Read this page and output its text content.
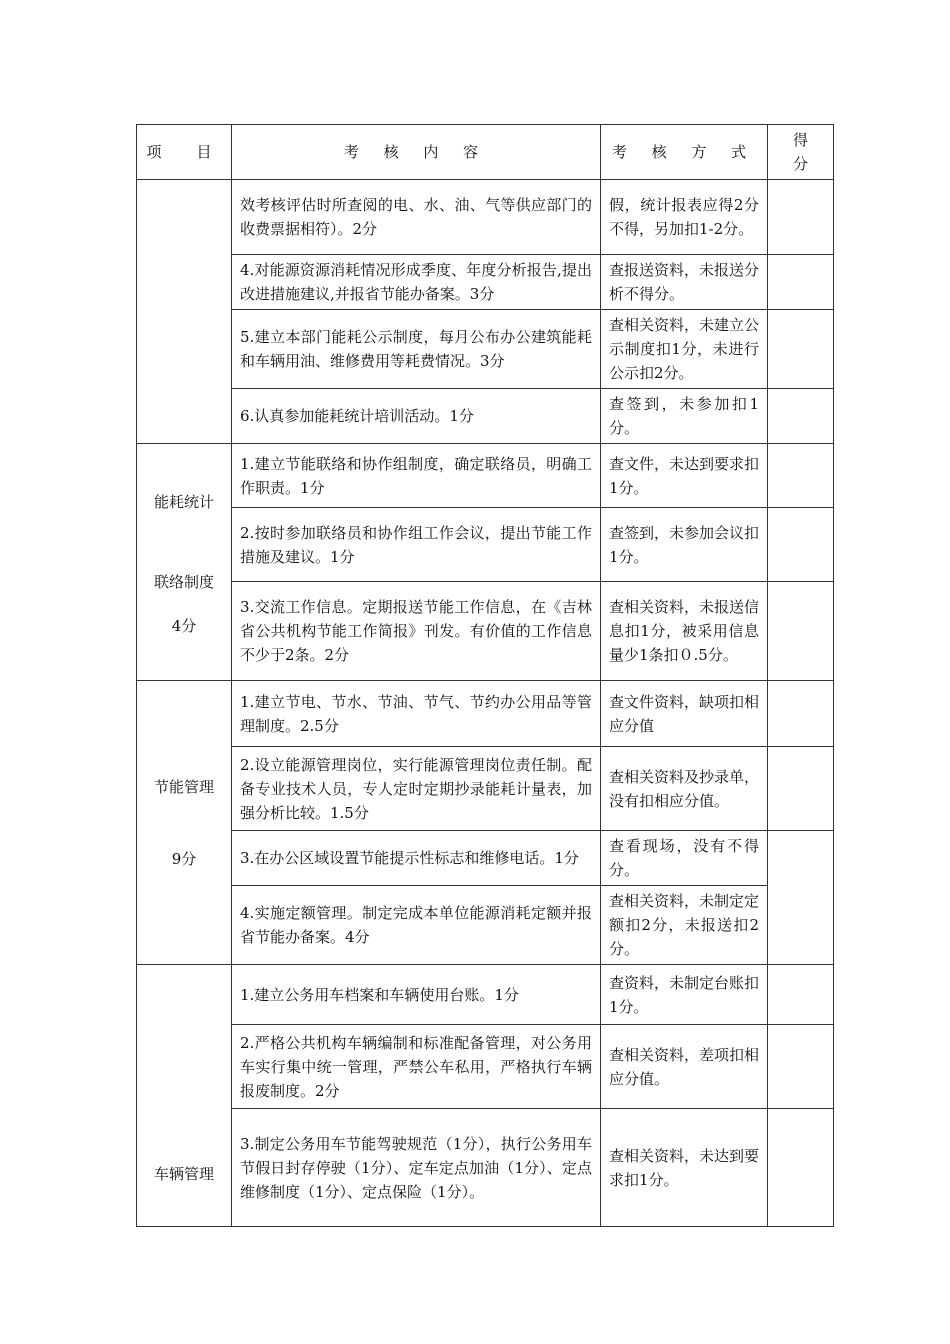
项　目	考 核 内 容	考 核 方 式	得
分

	效考核评估时所查阅的电、水、油、气等供应部门的收费票据相符）。2分	假，统计报表应得2分不得，另加扣1-2分。	
	4.对能源资源消耗情况形成季度、年度分析报告,提出改进措施建议,并报省节能办备案。3分	查报送资料，未报送分析不得分。	
	5.建立本部门能耗公示制度，每月公布办公建筑能耗和车辆用油、维修费用等耗费情况。3分	查相关资料，未建立公示制度扣1分，未进行公示扣2分。	
	6.认真参加能耗统计培训活动。1分	查签到，未参加扣1分。	

能耗统计
联络制度
4分	1.建立节能联络和协作组制度，确定联络员，明确工作职责。1分	查文件，未达到要求扣1分。	
	2.按时参加联络员和协作组工作会议，提出节能工作措施及建议。1分	查签到，未参加会议扣1分。	
	3.交流工作信息。定期报送节能工作信息，在《吉林省公共机构节能工作简报》刊发。有价值的工作信息不少于2条。2分	查相关资料，未报送信息扣1分，被采用信息量少1条扣０.5分。	

节能管理
9分	1.建立节电、节水、节油、节气、节约办公用品等管理制度。2.5分	查文件资料，缺项扣相应分值	
	2.设立能源管理岗位，实行能源管理岗位责任制。配备专业技术人员，专人定时定期抄录能耗计量表，加强分析比较。1.5分	查相关资料及抄录单，没有扣相应分值。	
	3.在办公区域设置节能提示性标志和维修电话。1分	查看现场，没有不得分。	
	4.实施定额管理。制定完成本单位能源消耗定额并报省节能办备案。4分	查相关资料，未制定定额扣2分，未报送扣2分。	

车辆管理	1.建立公务用车档案和车辆使用台账。1分	查资料，未制定台账扣1分。	
	2.严格公共机构车辆编制和标准配备管理，对公务用车实行集中统一管理，严禁公车私用，严格执行车辆报废制度。2分	查相关资料，差项扣相应分值。	
	3.制定公务用车节能驾驶规范（1分），执行公务用车节假日封存停驶（1分）、定车定点加油（1分）、定点维修制度（1分）、定点保险（1分）。	查相关资料，未达到要求扣1分。	
